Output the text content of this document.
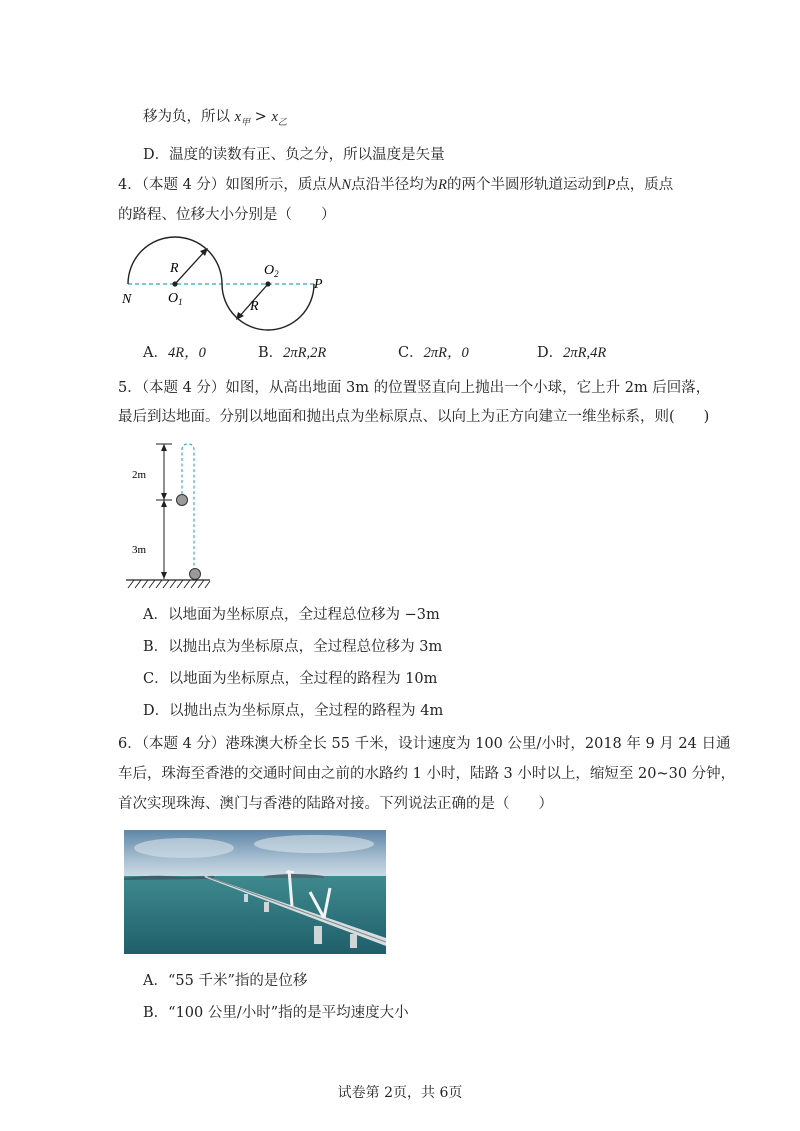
移为负，所以 $x_甲 > x_乙$
D．温度的读数有正、负之分，所以温度是矢量
4．（本题 4 分）如图所示，质点从N点沿半径均为R的两个半圆形轨道运动到P点，质点
的路程、位移大小分别是（　　）
N
P
R
R
$O_1$
$O_2$
A．4R，0	B．2πR,2R	C．2πR，0	D．2πR,4R
5．（本题 4 分）如图，从高出地面 3m 的位置竖直向上抛出一个小球，它上升 2m 后回落，
最后到达地面。分别以地面和抛出点为坐标原点、以向上为正方向建立一维坐标系，则(　　)
2m
3m
A．以地面为坐标原点，全过程总位移为 −3m
B．以抛出点为坐标原点，全过程总位移为 3m
C．以地面为坐标原点，全过程的路程为 10m
D．以抛出点为坐标原点，全过程的路程为 4m
6．（本题 4 分）港珠澳大桥全长 55 千米，设计速度为 100 公里/小时，2018 年 9 月 24 日通
车后，珠海至香港的交通时间由之前的水路约 1 小时，陆路 3 小时以上，缩短至 20~30 分钟，
首次实现珠海、澳门与香港的陆路对接。下列说法正确的是（　　）
A．“55 千米”指的是位移
B．“100 公里/小时”指的是平均速度大小
试卷第 2页，共 6页
